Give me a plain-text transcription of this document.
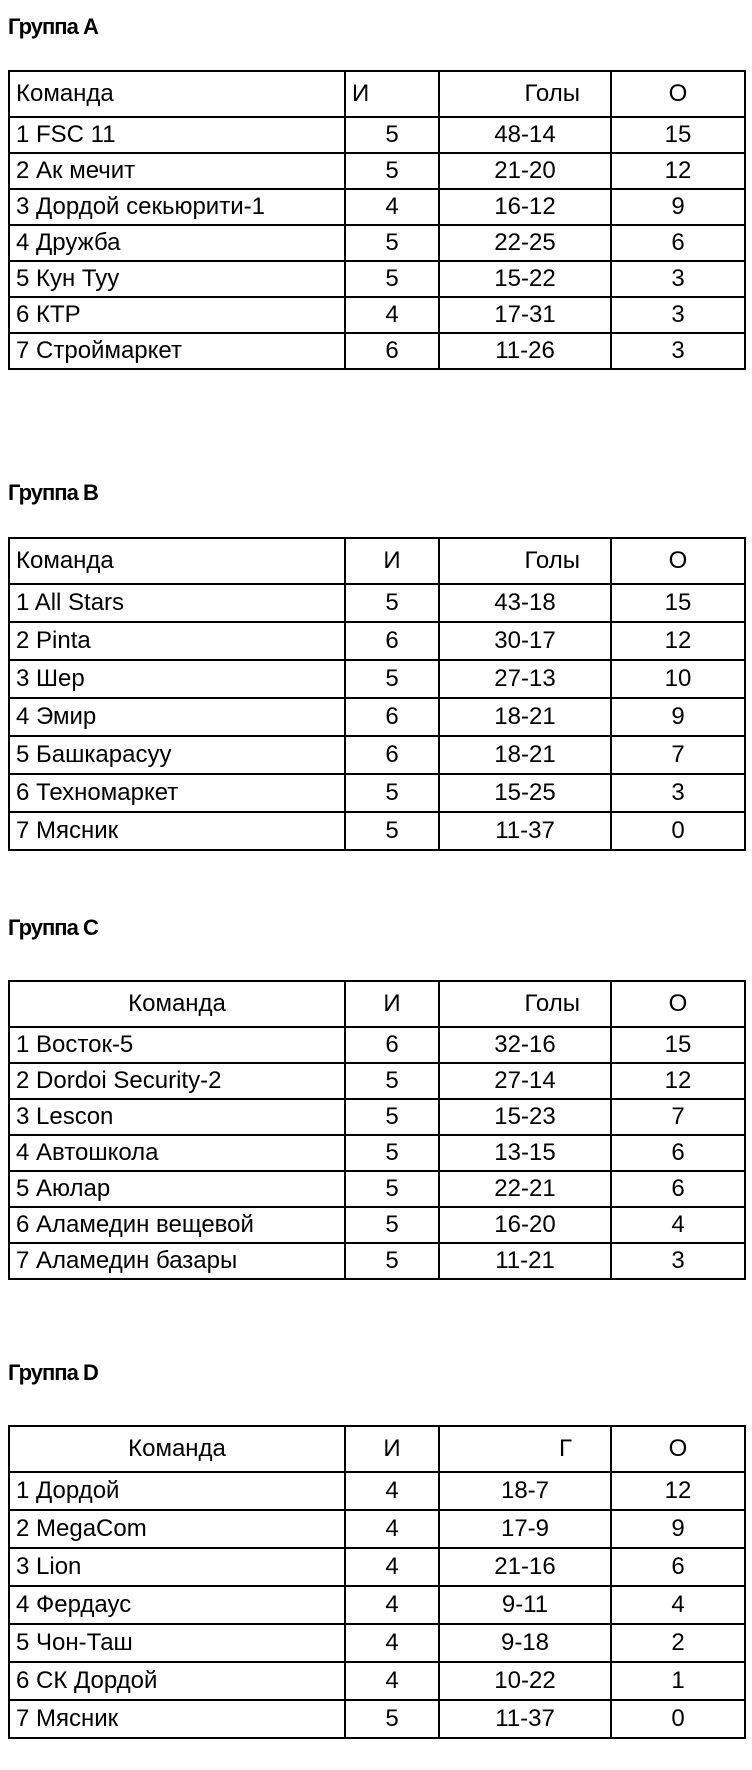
Группа А
Команда	И	Голы	О
1 FSC 11	5	48-14	15
2 Ак мечит	5	21-20	12
3 Дордой секьюрити-1	4	16-12	9
4 Дружба	5	22-25	6
5 Кун Туу	5	15-22	3
6 КТР	4	17-31	3
7 Строймаркет	6	11-26	3
Группа В
Команда	И	Голы	О
1 All Stars	5	43-18	15
2 Pinta	6	30-17	12
3 Шер	5	27-13	10
4 Эмир	6	18-21	9
5 Башкарасуу	6	18-21	7
6 Техномаркет	5	15-25	3
7 Мясник	5	11-37	0
Группа С
Команда	И	Голы	О
1 Восток-5	6	32-16	15
2 Dordoi Security-2	5	27-14	12
3 Lescon	5	15-23	7
4 Автошкола	5	13-15	6
5 Аюлар	5	22-21	6
6 Аламедин вещевой	5	16-20	4
7 Аламедин базары	5	11-21	3
Группа D
Команда	И	Г	О
1 Дордой	4	18-7	12
2 MegaCom	4	17-9	9
3 Lion	4	21-16	6
4 Фердаус	4	9-11	4
5 Чон-Таш	4	9-18	2
6 СК Дордой	4	10-22	1
7 Мясник	5	11-37	0
